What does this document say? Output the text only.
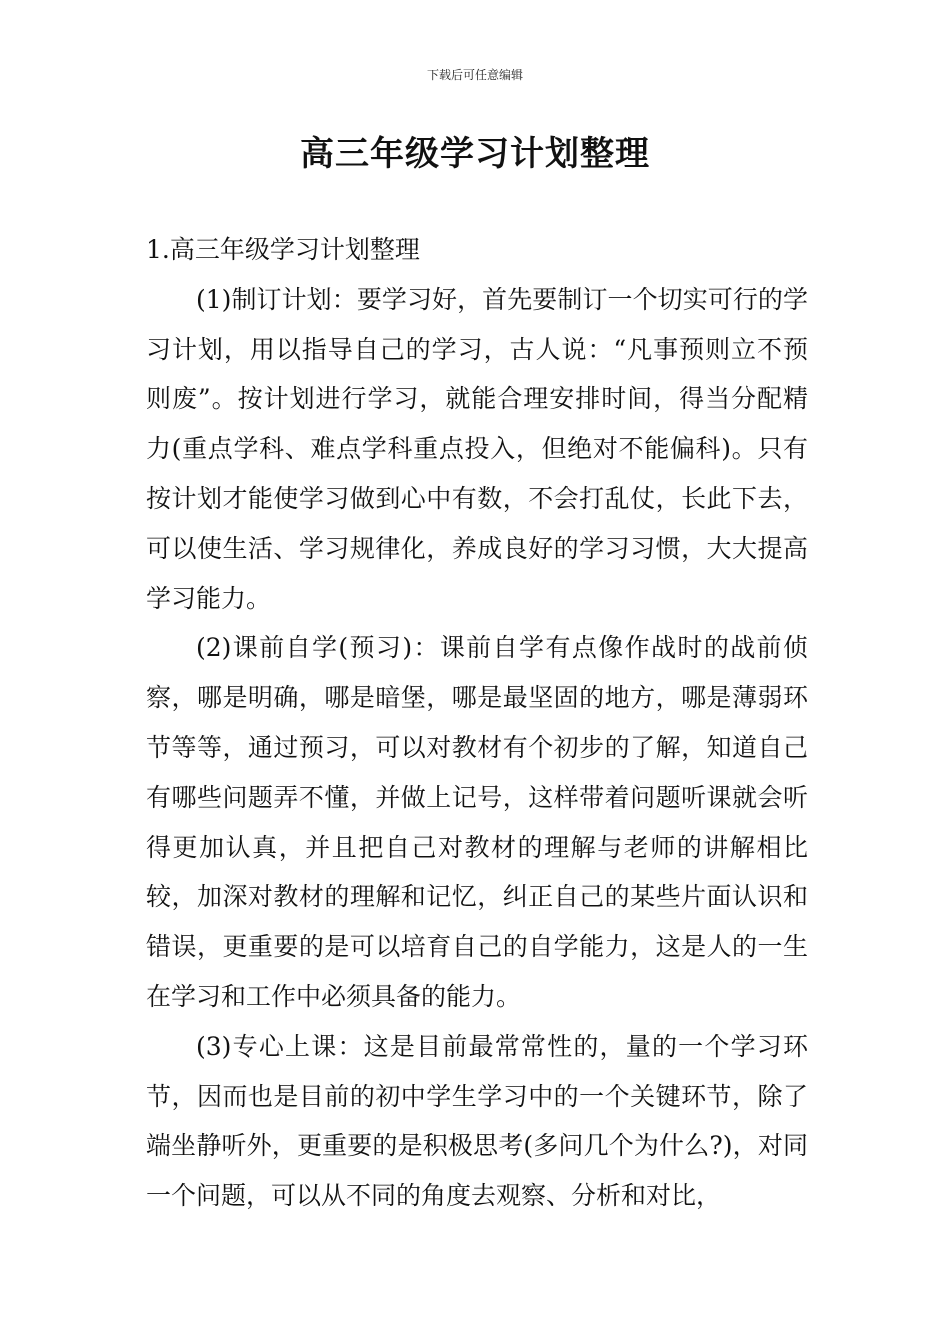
下载后可任意编辑
高三年级学习计划整理

1.高三年级学习计划整理

(1)制订计划：要学习好，首先要制订一个切实可行的学习计划，用以指导自己的学习，古人说：“凡事预则立不预则废”。按计划进行学习，就能合理安排时间，得当分配精力(重点学科、难点学科重点投入，但绝对不能偏科)。只有按计划才能使学习做到心中有数，不会打乱仗，长此下去，可以使生活、学习规律化，养成良好的学习习惯，大大提高学习能力。

(2)课前自学(预习)：课前自学有点像作战时的战前侦察，哪是明确，哪是暗堡，哪是最坚固的地方，哪是薄弱环节等等，通过预习，可以对教材有个初步的了解，知道自己有哪些问题弄不懂，并做上记号，这样带着问题听课就会听得更加认真，并且把自己对教材的理解与老师的讲解相比较，加深对教材的理解和记忆，纠正自己的某些片面认识和错误，更重要的是可以培育自己的自学能力，这是人的一生在学习和工作中必须具备的能力。

(3)专心上课：这是目前最常常性的，量的一个学习环节，因而也是目前的初中学生学习中的一个关键环节，除了端坐静听外，更重要的是积极思考(多问几个为什么?)，对同一个问题，可以从不同的角度去观察、分析和对比，
